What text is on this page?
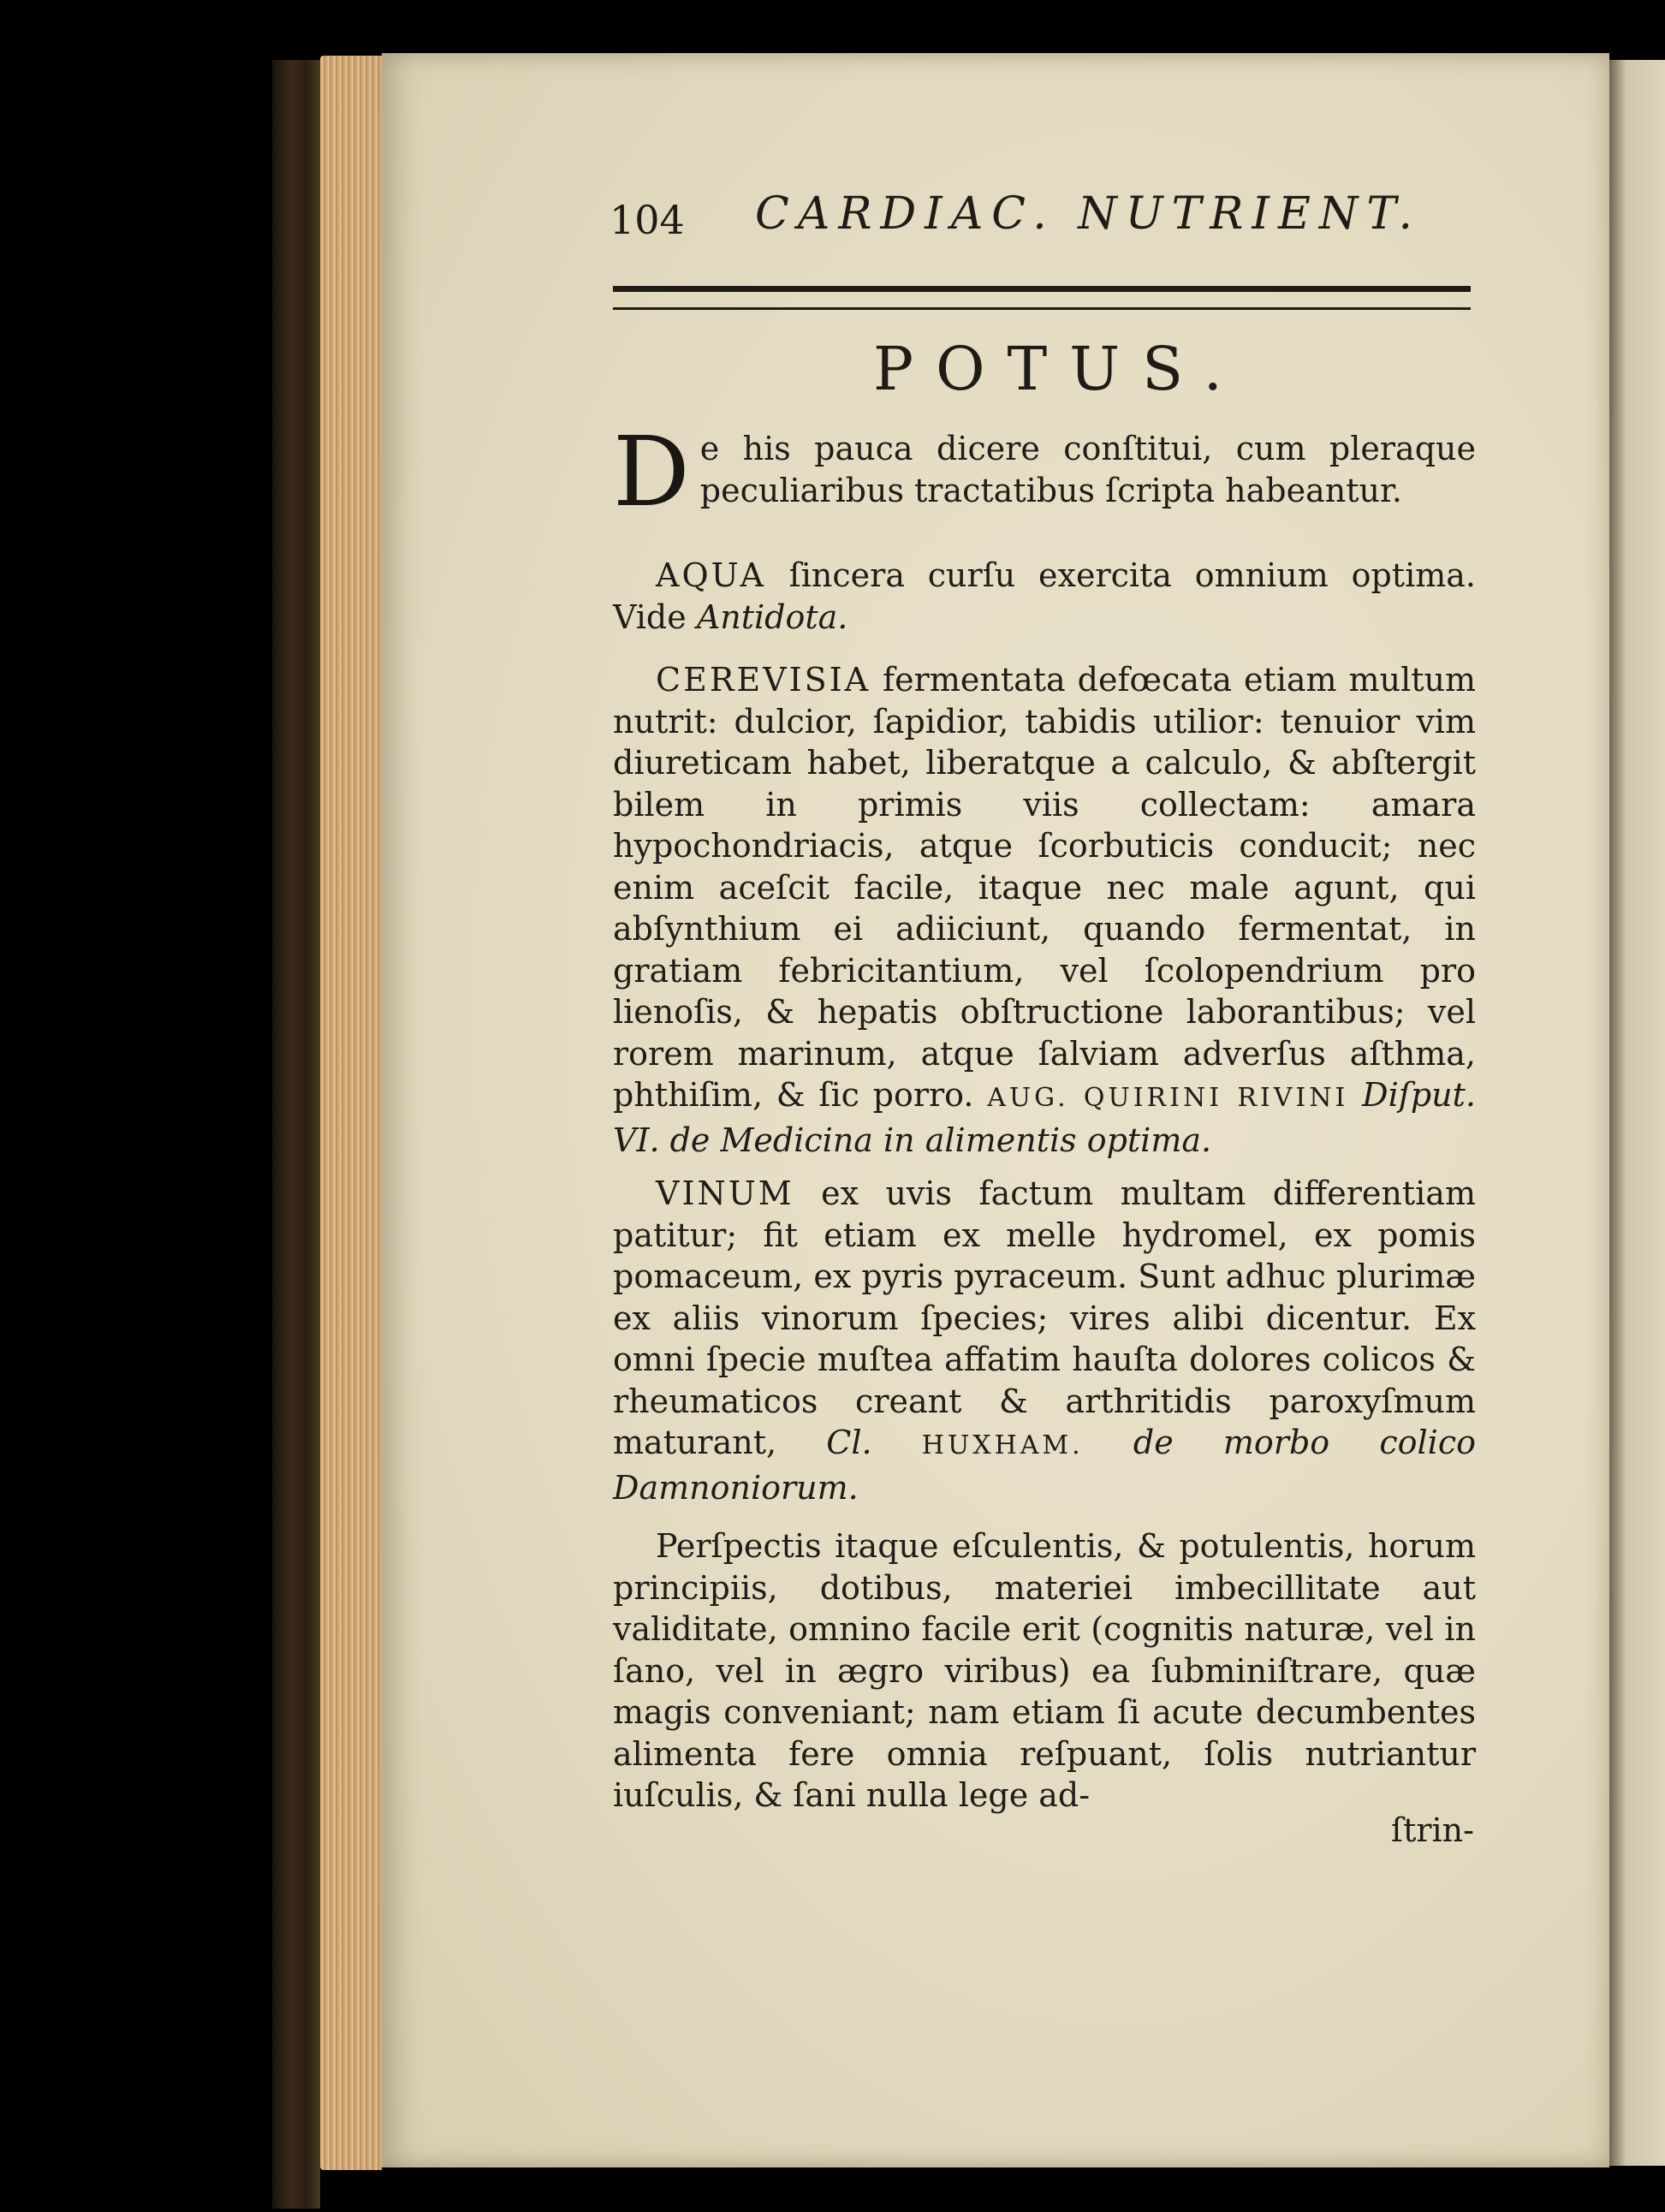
104 CARDIAC. NUTRIENT.
POTUS.
De his pauca dicere conſtitui, cum pleraque peculiaribus tractatibus ſcripta habeantur.
AQUA ſincera curſu exercita omnium optima. Vide Antidota.
CEREVISIA fermentata defœcata etiam multum nutrit: dulcior, ſapidior, tabidis utilior: tenuior vim diureticam habet, liberatque a calculo, & abſtergit bilem in primis viis collectam: amara hypochondriacis, atque ſcorbuticis conducit; nec enim aceſcit facile, itaque nec male agunt, qui abſynthium ei adiiciunt, quando fermentat, in gratiam febricitantium, vel ſcolopendrium pro lienoſis, & hepatis obſtructione laborantibus; vel rorem marinum, atque ſalviam adverſus aſthma, phthiſim, & ſic porro. AUG. QUIRINI RIVINI Diſput. VI. de Medicina in alimentis optima.
VINUM ex uvis factum multam differentiam patitur; fit etiam ex melle hydromel, ex pomis pomaceum, ex pyris pyraceum. Sunt adhuc plurimæ ex aliis vinorum ſpecies; vires alibi dicentur. Ex omni ſpecie muſtea affatim hauſta dolores colicos & rheumaticos creant & arthritidis paroxyſmum maturant, Cl. HUXHAM. de morbo colico Damnoniorum.
Perſpectis itaque eſculentis, & potulentis, horum principiis, dotibus, materiei imbecillitate aut validitate, omnino facile erit (cognitis naturæ, vel in ſano, vel in ægro viribus) ea ſubminiſtrare, quæ magis conveniant; nam etiam ſi acute decumbentes alimenta fere omnia reſpuant, ſolis nutriantur iuſculis, & ſani nulla lege ad-
ſtrin-
